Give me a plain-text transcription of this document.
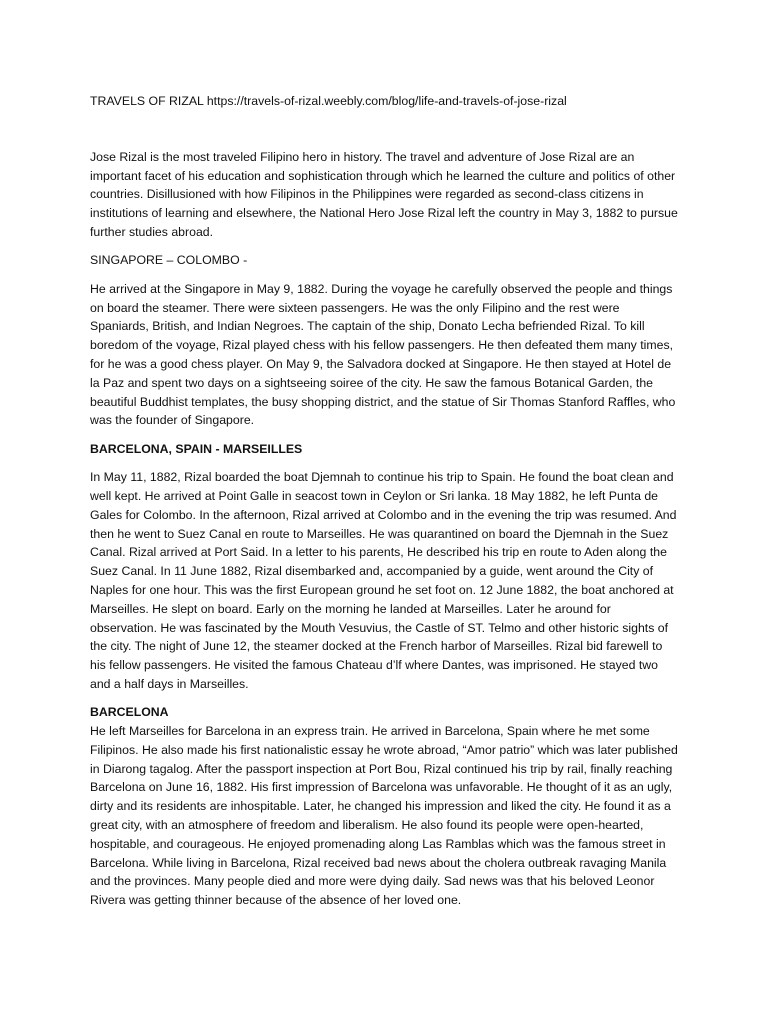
TRAVELS OF RIZAL https://travels-of-rizal.weebly.com/blog/life-and-travels-of-jose-rizal

Jose Rizal is the most traveled Filipino hero in history. The travel and adventure of Jose Rizal are an important facet of his education and sophistication through which he learned the culture and politics of other countries. Disillusioned with how Filipinos in the Philippines were regarded as second-class citizens in institutions of learning and elsewhere, the National Hero Jose Rizal left the country in May 3, 1882 to pursue further studies abroad.

SINGAPORE – COLOMBO -

He arrived at the Singapore in May 9, 1882. During the voyage he carefully observed the people and things on board the steamer. There were sixteen passengers. He was the only Filipino and the rest were Spaniards, British, and Indian Negroes. The captain of the ship, Donato Lecha befriended Rizal. To kill boredom of the voyage, Rizal played chess with his fellow passengers. He then defeated them many times, for he was a good chess player. On May 9, the Salvadora docked at Singapore. He then stayed at Hotel de la Paz and spent two days on a sightseeing soiree of the city. He saw the famous Botanical Garden, the beautiful Buddhist templates, the busy shopping district, and the statue of Sir Thomas Stanford Raffles, who was the founder of Singapore.

BARCELONA, SPAIN - MARSEILLES

In May 11, 1882, Rizal boarded the boat Djemnah to continue his trip to Spain. He found the boat clean and well kept. He arrived at Point Galle in seacost town in Ceylon or Sri lanka. 18 May 1882, he left Punta de Gales for Colombo. In the afternoon, Rizal arrived at Colombo and in the evening the trip was resumed. And then he went to Suez Canal en route to Marseilles. He was quarantined on board the Djemnah in the Suez Canal. Rizal arrived at Port Said. In a letter to his parents, He described his trip en route to Aden along the Suez Canal. In 11 June 1882, Rizal disembarked and, accompanied by a guide, went around the City of Naples for one hour. This was the first European ground he set foot on. 12 June 1882, the boat anchored at Marseilles. He slept on board. Early on the morning he landed at Marseilles. Later he around for observation. He was fascinated by the Mouth Vesuvius, the Castle of ST. Telmo and other historic sights of the city. The night of June 12, the steamer docked at the French harbor of Marseilles. Rizal bid farewell to his fellow passengers. He visited the famous Chateau d’lf where Dantes, was imprisoned. He stayed two and a half days in Marseilles.

BARCELONA

He left Marseilles for Barcelona in an express train. He arrived in Barcelona, Spain where he met some Filipinos. He also made his first nationalistic essay he wrote abroad, “Amor patrio” which was later published in Diarong tagalog. After the passport inspection at Port Bou, Rizal continued his trip by rail, finally reaching Barcelona on June 16, 1882. His first impression of Barcelona was unfavorable. He thought of it as an ugly, dirty and its residents are inhospitable. Later, he changed his impression and liked the city. He found it as a great city, with an atmosphere of freedom and liberalism. He also found its people were open-hearted, hospitable, and courageous. He enjoyed promenading along Las Ramblas which was the famous street in Barcelona. While living in Barcelona, Rizal received bad news about the cholera outbreak ravaging Manila and the provinces. Many people died and more were dying daily. Sad news was that his beloved Leonor Rivera was getting thinner because of the absence of her loved one.
